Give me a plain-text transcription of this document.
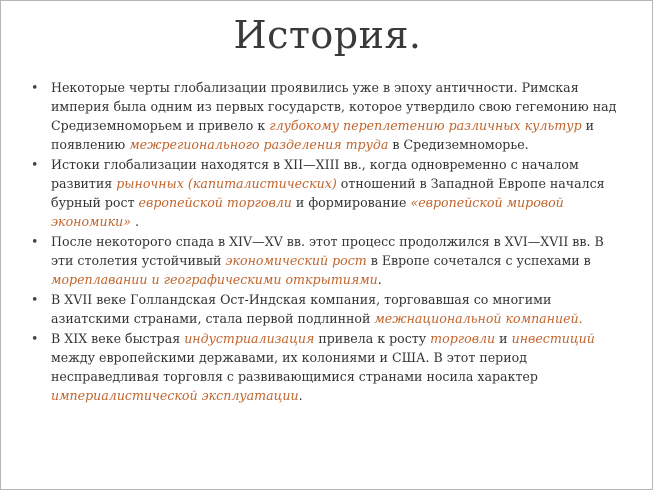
История.
• Некоторые черты глобализации проявились уже в эпоху античности. Римская империя была одним из первых государств, которое утвердило свою гегемонию над Средиземноморьем и привело к глубокому переплетению различных культур и появлению межрегионального разделения труда в Средиземноморье.
• Истоки глобализации находятся в XII—XIII вв., когда одновременно с началом развития рыночных (капиталистических) отношений в Западной Европе начался бурный рост европейской торговли и формирование «европейской мировой экономики» .
• После некоторого спада в XIV—XV вв. этот процесс продолжился в XVI—XVII вв. В эти столетия устойчивый экономический рост в Европе сочетался с успехами в мореплавании и географическими открытиями.
• В XVII веке Голландская Ост-Индская компания, торговавшая со многими азиатскими странами, стала первой подлинной межнациональной компанией.
• В XIX веке быстрая индустриализация привела к росту торговли и инвестиций между европейскими державами, их колониями и США. В этот период несправедливая торговля с развивающимися странами носила характер империалистической эксплуатации.
